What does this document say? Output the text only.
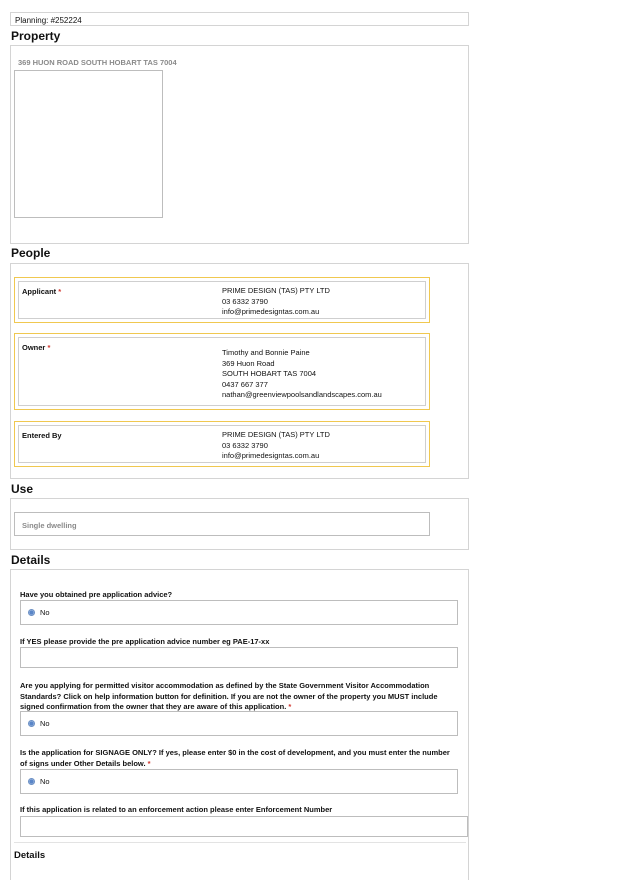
Planning: #252224
Property
369 HUON ROAD SOUTH HOBART TAS 7004
People
Applicant *	PRIME DESIGN (TAS) PTY LTD
03 6332 3790
info@primedesigntas.com.au
Owner *
Timothy and Bonnie Paine
369 Huon Road
SOUTH HOBART TAS 7004
0437 667 377
nathan@greenviewpoolsandlandscapes.com.au
Entered By	PRIME DESIGN (TAS) PTY LTD
03 6332 3790
info@primedesigntas.com.au
Use
Single dwelling
Details
Have you obtained pre application advice?
No
If YES please provide the pre application advice number eg PAE-17-xx
Are you applying for permitted visitor accommodation as defined by the State Government Visitor Accommodation Standards? Click on help information button for definition. If you are not the owner of the property you MUST include signed confirmation from the owner that they are aware of this application. *
No
Is the application for SIGNAGE ONLY? If yes, please enter $0 in the cost of development, and you must enter the number of signs under Other Details below. *
No
If this application is related to an enforcement action please enter Enforcement Number
Details
